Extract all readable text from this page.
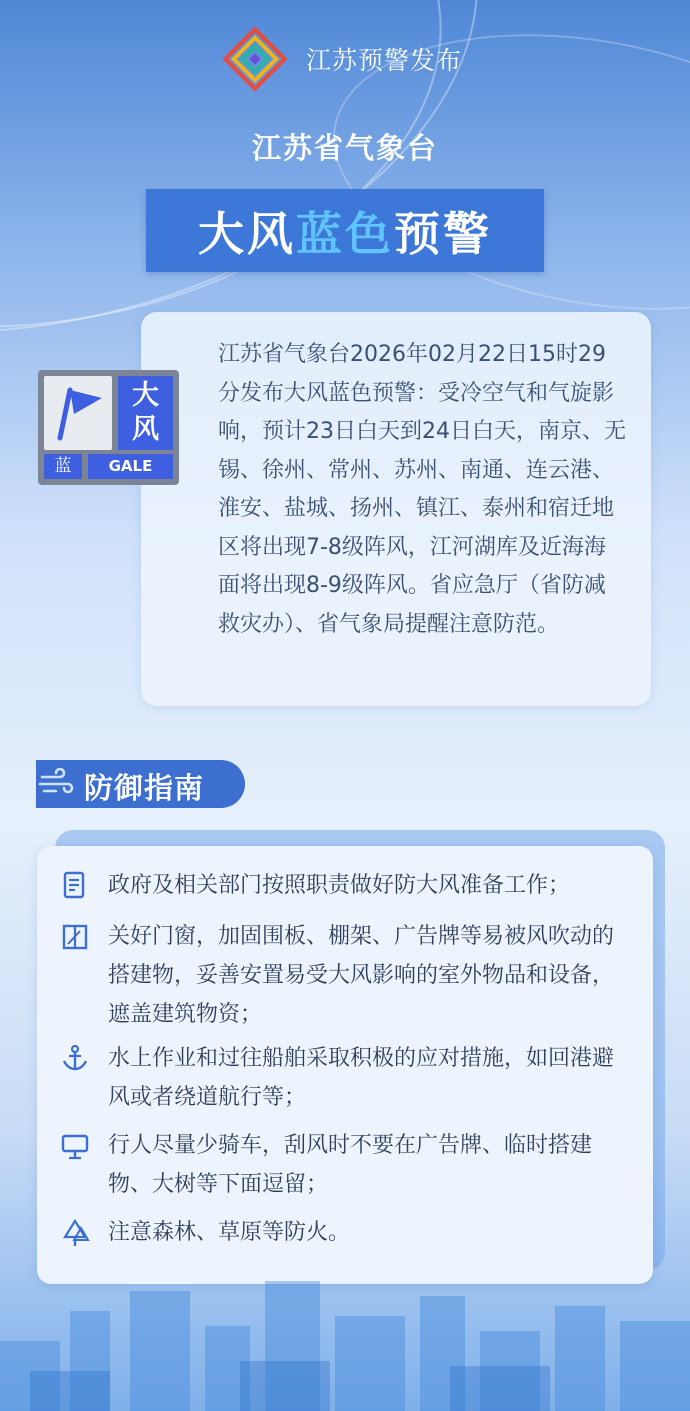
江苏预警发布
江苏省气象台
大风 蓝色 预警

江苏省气象台2026年02月22日15时29分发布大风蓝色预警：受冷空气和气旋影响，预计23日白天到24日白天，南京、无锡、徐州、常州、苏州、南通、连云港、淮安、盐城、扬州、镇江、泰州和宿迁地区将出现7-8级阵风，江河湖库及近海海面将出现8-9级阵风。省应急厅（省防减救灾办）、省气象局提醒注意防范。

大
风
蓝	GALE
防御指南

政府及相关部门按照职责做好防大风准备工作；

关好门窗，加固围板、棚架、广告牌等易被风吹动的搭建物，妥善安置易受大风影响的室外物品和设备，遮盖建筑物资；

水上作业和过往船舶采取积极的应对措施，如回港避风或者绕道航行等；

行人尽量少骑车，刮风时不要在广告牌、临时搭建物、大树等下面逗留；

注意森林、草原等防火。
